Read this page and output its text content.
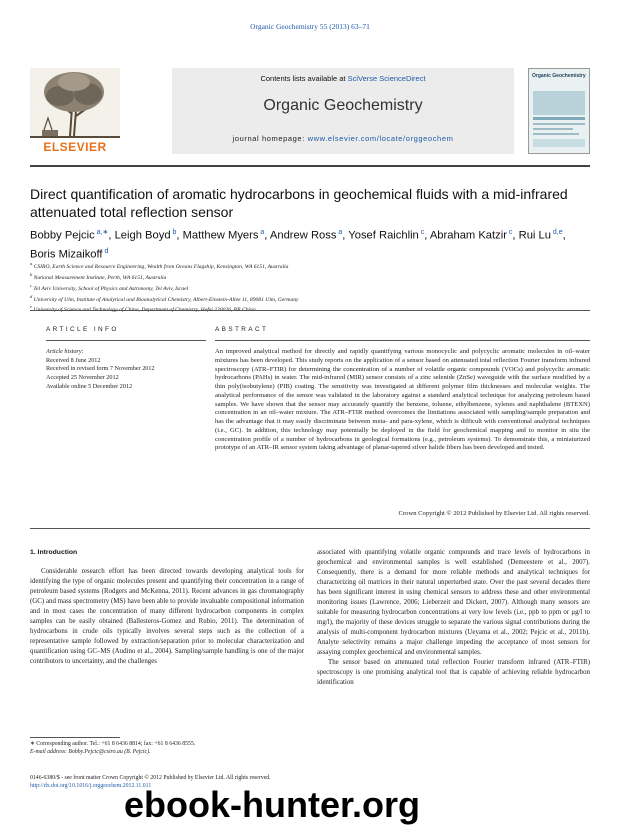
Organic Geochemistry 55 (2013) 63–71
Contents lists available at SciVerse ScienceDirect
Organic Geochemistry
journal homepage: www.elsevier.com/locate/orggeochem
ELSEVIER
Organic Geochemistry
Direct quantification of aromatic hydrocarbons in geochemical fluids with a mid-infrared attenuated total reflection sensor
Bobby Pejcic $^{a,∗}$, Leigh Boyd $^b$, Matthew Myers $^a$, Andrew Ross $^a$, Yosef Raichlin $^c$, Abraham Katzir $^c$, Rui Lu $^{d,e}$, Boris Mizaikoff $^d$
$^a$ CSIRO, Earth Science and Resource Engineering, Wealth from Oceans Flagship, Kensington, WA 6151, Australia
$^b$ National Measurement Institute, Perth, WA 6151, Australia
$^c$ Tel Aviv University, School of Physics and Astronomy, Tel Aviv, Israel
$^d$ University of Ulm, Institute of Analytical and Bioanalytical Chemistry, Albert-Einstein-Allee 11, 89081 Ulm, Germany
$^e$ University of Science and Technology of China, Department of Chemistry, Hefei 230026, PR China
ARTICLE INFO	ABSTRACT
Article history:
Received 8 June 2012
Received in revised form 7 November 2012
Accepted 25 November 2012
Available online 5 December 2012
An improved analytical method for directly and rapidly quantifying various monocyclic and polycyclic aromatic molecules in oil–water mixtures has been developed. This study reports on the application of a sensor based on attenuated total reflection Fourier transform infrared spectroscopy (ATR–FTIR) for determining the concentration of a number of volatile organic compounds (VOCs) and polycyclic aromatic hydrocarbons (PAHs) in water. The mid-infrared (MIR) sensor consists of a zinc selenide (ZnSe) waveguide with the surface modified by a thin poly(isobutylene) (PIB) coating. The sensitivity was investigated at different polymer film thicknesses and molecular weights. The analytical performance of the sensor was validated in the laboratory against a standard analytical technique for analyzing petroleum based samples. We have shown that the sensor may accurately quantify the benzene, toluene, ethylbenzene, xylenes and naphthalene (BTEXN) concentration in an oil–water mixture. The ATR–FTIR method overcomes the limitations associated with sampling/sample preparation and has the advantage that it may easily discriminate between meta- and para-xylene, which is difficult with conventional analytical techniques (i.e., GC). In addition, this technology may potentially be deployed in the field for geochemical mapping and to monitor in situ the concentration profile of a number of hydrocarbons in geological formations (e.g., petroleum systems). To demonstrate this, a miniaturized prototype of an ATR–IR sensor system taking advantage of planar-tapered silver halide fibers has been developed and tested.
Crown Copyright © 2012 Published by Elsevier Ltd. All rights reserved.
1. Introduction

Considerable research effort has been directed towards developing analytical tools for identifying the type of organic molecules present and quantifying their concentration in a range of petroleum based systems (Rodgers and McKenna, 2011). Recent advances in gas chromatography (GC) and mass spectrometry (MS) have been able to provide invaluable compositional information and in most cases the concentration of many different hydrocarbon components in complex samples can be easily obtained (Ballesteros-Gomez and Rubio, 2011). The determination of hydrocarbons in crude oils typically involves several steps such as the collection of a representative sample followed by extraction/separation prior to molecular characterization and quantification using GC–MS (Audino et al., 2004). Sampling/sample handling is one of the major contributors to uncertainty, and the challenges

associated with quantifying volatile organic compounds and trace levels of hydrocarbons in geochemical and environmental samples is well established (Demeestere et al., 2007). Consequently, there is a demand for more reliable methods and analytical techniques for characterizing oil matrices in their natural unperturbed state. Over the past several decades there has been significant interest in using chemical sensors to address these and other environmental monitoring issues (Lawrence, 2006; Lieberzeit and Dickert, 2007). Although many sensors are suitable for measuring hydrocarbon concentrations at very low levels (i.e., ppb to ppm or μg/l to mg/l), the majority of these devices struggle to separate the various signal contributions during the analysis of multi-component hydrocarbon mixtures (Ueyama et al., 2002; Pejcic et al., 2011b). Analyte selectivity remains a major challenge impeding the acceptance of most sensors for assaying complex geochemical and environmental samples.

The sensor based on attenuated total reflection Fourier transform infrared (ATR–FTIR) spectroscopy is one promising analytical tool that is capable of achieving reliable hydrocarbon identification

∗ Corresponding author. Tel.: +61 8 6436 8814; fax: +61 8 6436 8555.
E-mail address: Bobby.Pejcic@csiro.au (B. Pejcic).
0146-6380/$ - see front matter Crown Copyright © 2012 Published by Elsevier Ltd. All rights reserved.
http://dx.doi.org/10.1016/j.orggeochem.2012.11.011
ebook-hunter.org
